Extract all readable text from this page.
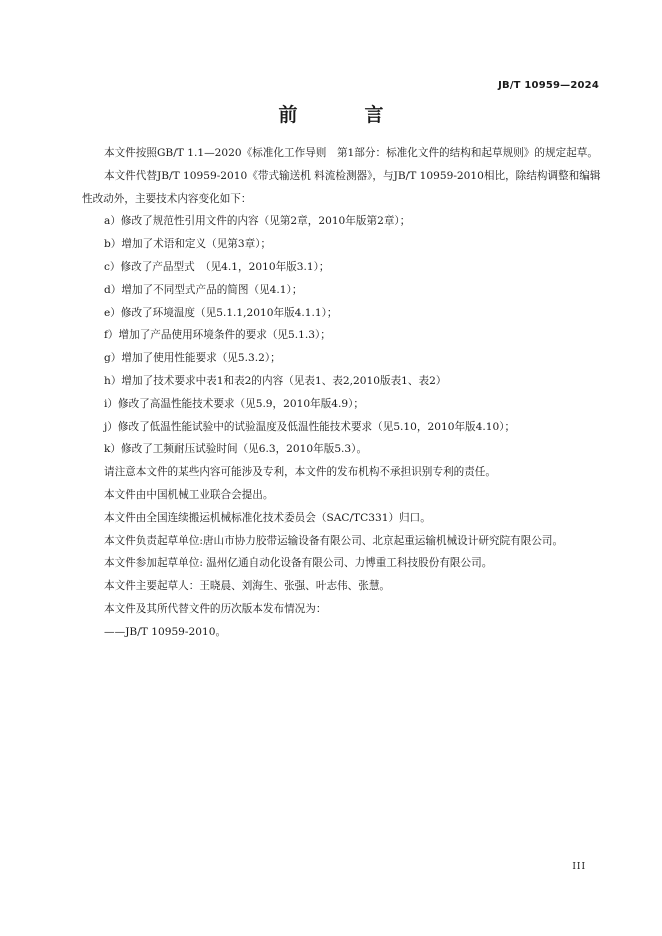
JB/T 10959—2024
前　言

本文件按照GB/T 1.1—2020《标准化工作导则　第1部分：标准化文件的结构和起草规则》的规定起草。

本文件代替JB/T 10959-2010《带式输送机 料流检测器》，与JB/T 10959-2010相比，除结构调整和编辑性改动外，主要技术内容变化如下：

a）修改了规范性引用文件的内容（见第2章，2010年版第2章）；

b）增加了术语和定义（见第3章）；

c）修改了产品型式　（见4.1，2010年版3.1）；

d）增加了不同型式产品的简图（见4.1）；

e）修改了环境温度（见5.1.1,2010年版4.1.1）；

f）增加了产品使用环境条件的要求（见5.1.3）；

g）增加了使用性能要求（见5.3.2）；

h）增加了技术要求中表1和表2的内容（见表1、表2,2010版表1、表2）

i）修改了高温性能技术要求（见5.9，2010年版4.9）；

j）修改了低温性能试验中的试验温度及低温性能技术要求（见5.10，2010年版4.10）；

k）修改了工频耐压试验时间（见6.3，2010年版5.3）。

请注意本文件的某些内容可能涉及专利，本文件的发布机构不承担识别专利的责任。

本文件由中国机械工业联合会提出。

本文件由全国连续搬运机械标准化技术委员会（SAC/TC331）归口。

本文件负责起草单位:唐山市协力胶带运输设备有限公司、北京起重运输机械设计研究院有限公司。

本文件参加起草单位: 温州亿通自动化设备有限公司、力博重工科技股份有限公司。

本文件主要起草人：王晓晨、刘海生、张强、叶志伟、张慧。

本文件及其所代替文件的历次版本发布情况为：

——JB/T 10959-2010。

III
